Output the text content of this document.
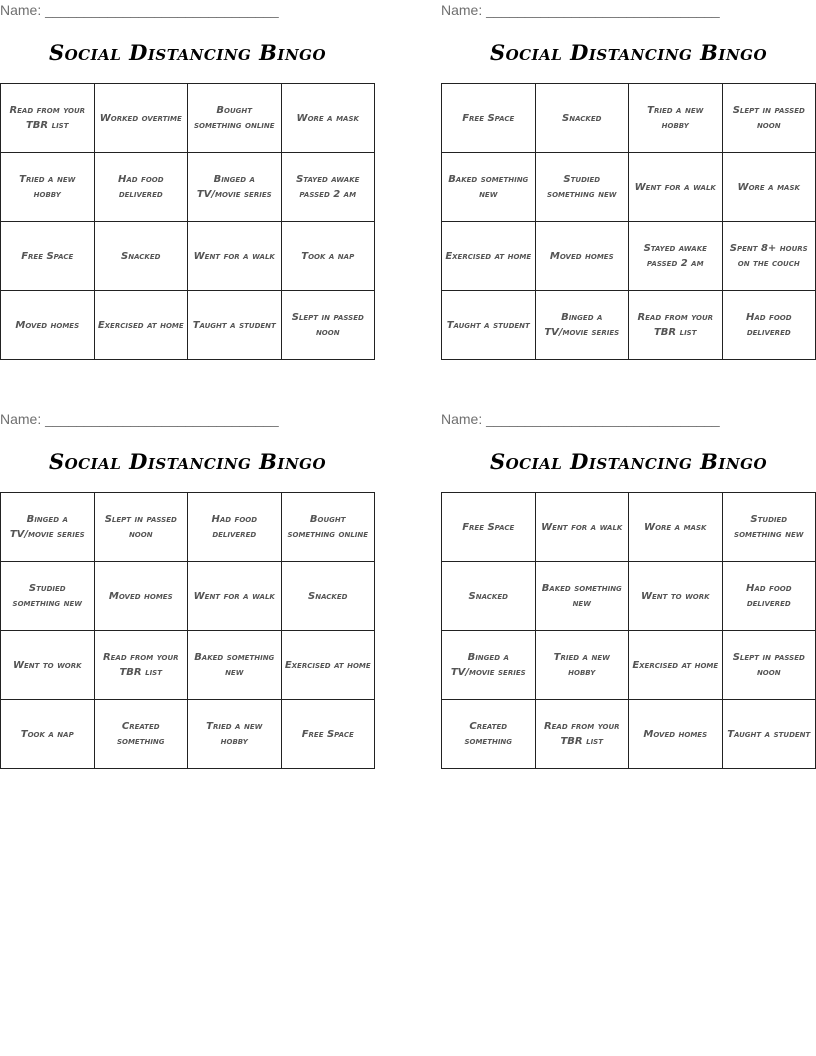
Name: ______________________________
Social Distancing Bingo
Read from your TBR list	Worked overtime	Bought something online	Wore a mask
Tried a new hobby	Had food delivered	Binged a TV/movie series	Stayed awake passed 2 am
Free Space	Snacked	Went for a walk	Took a nap
Moved homes	Exercised at home	Taught a student	Slept in passed noon
Name: ______________________________
Social Distancing Bingo
Free Space	Snacked	Tried a new hobby	Slept in passed noon
Baked something new	Studied something new	Went for a walk	Wore a mask
Exercised at home	Moved homes	Stayed awake passed 2 am	Spent 8+ hours on the couch
Taught a student	Binged a TV/movie series	Read from your TBR list	Had food delivered
Name: ______________________________
Social Distancing Bingo
Binged a TV/movie series	Slept in passed noon	Had food delivered	Bought something online
Studied something new	Moved homes	Went for a walk	Snacked
Went to work	Read from your TBR list	Baked something new	Exercised at home
Took a nap	Created something	Tried a new hobby	Free Space
Name: ______________________________
Social Distancing Bingo
Free Space	Went for a walk	Wore a mask	Studied something new
Snacked	Baked something new	Went to work	Had food delivered
Binged a TV/movie series	Tried a new hobby	Exercised at home	Slept in passed noon
Created something	Read from your TBR list	Moved homes	Taught a student
